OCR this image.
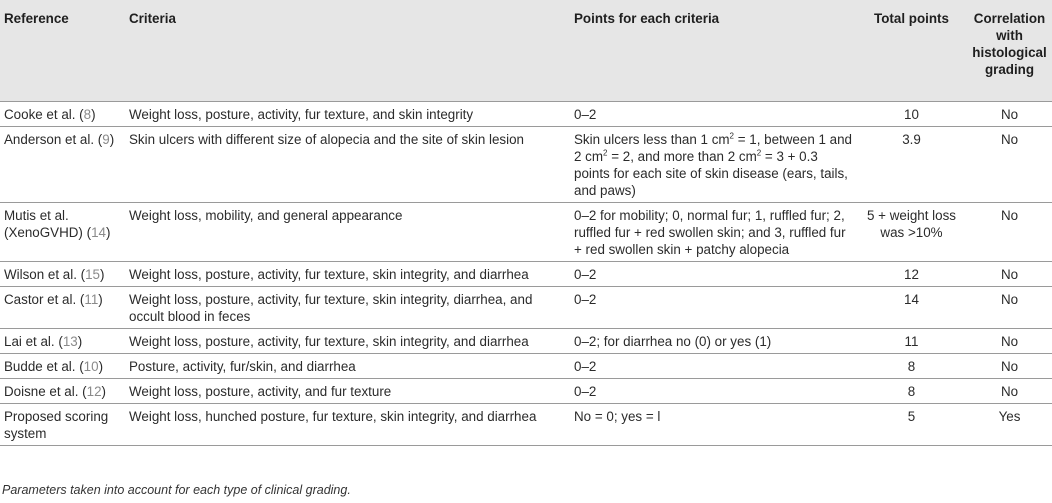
Reference	Criteria	Points for each criteria	Total points	Correlation with histological grading
Cooke et al. (8)	Weight loss, posture, activity, fur texture, and skin integrity	0–2	10	No
Anderson et al. (9)	Skin ulcers with different size of alopecia and the site of skin lesion	Skin ulcers less than 1 $cm^2 = 1$, between 1 and 2 $cm^2 = 2$, and more than 2 $cm^2 = 3 + 0.3$ points for each site of skin disease (ears, tails, and paws)	3.9	No
Mutis et al. (XenoGVHD) (14)	Weight loss, mobility, and general appearance	0–2 for mobility; 0, normal fur; 1, ruffled fur; 2, ruffled fur + red swollen skin; and 3, ruffled fur + red swollen skin + patchy alopecia	5 + weight loss was >10%	No
Wilson et al. (15)	Weight loss, posture, activity, fur texture, skin integrity, and diarrhea	0–2	12	No
Castor et al. (11)	Weight loss, posture, activity, fur texture, skin integrity, diarrhea, and occult blood in feces	0–2	14	No
Lai et al. (13)	Weight loss, posture, activity, fur texture, skin integrity, and diarrhea	0–2; for diarrhea no (0) or yes (1)	11	No
Budde et al. (10)	Posture, activity, fur/skin, and diarrhea	0–2	8	No
Doisne et al. (12)	Weight loss, posture, activity, and fur texture	0–2	8	No
Proposed scoring system	Weight loss, hunched posture, fur texture, skin integrity, and diarrhea	No = 0; yes = l	5	Yes
Parameters taken into account for each type of clinical grading.
